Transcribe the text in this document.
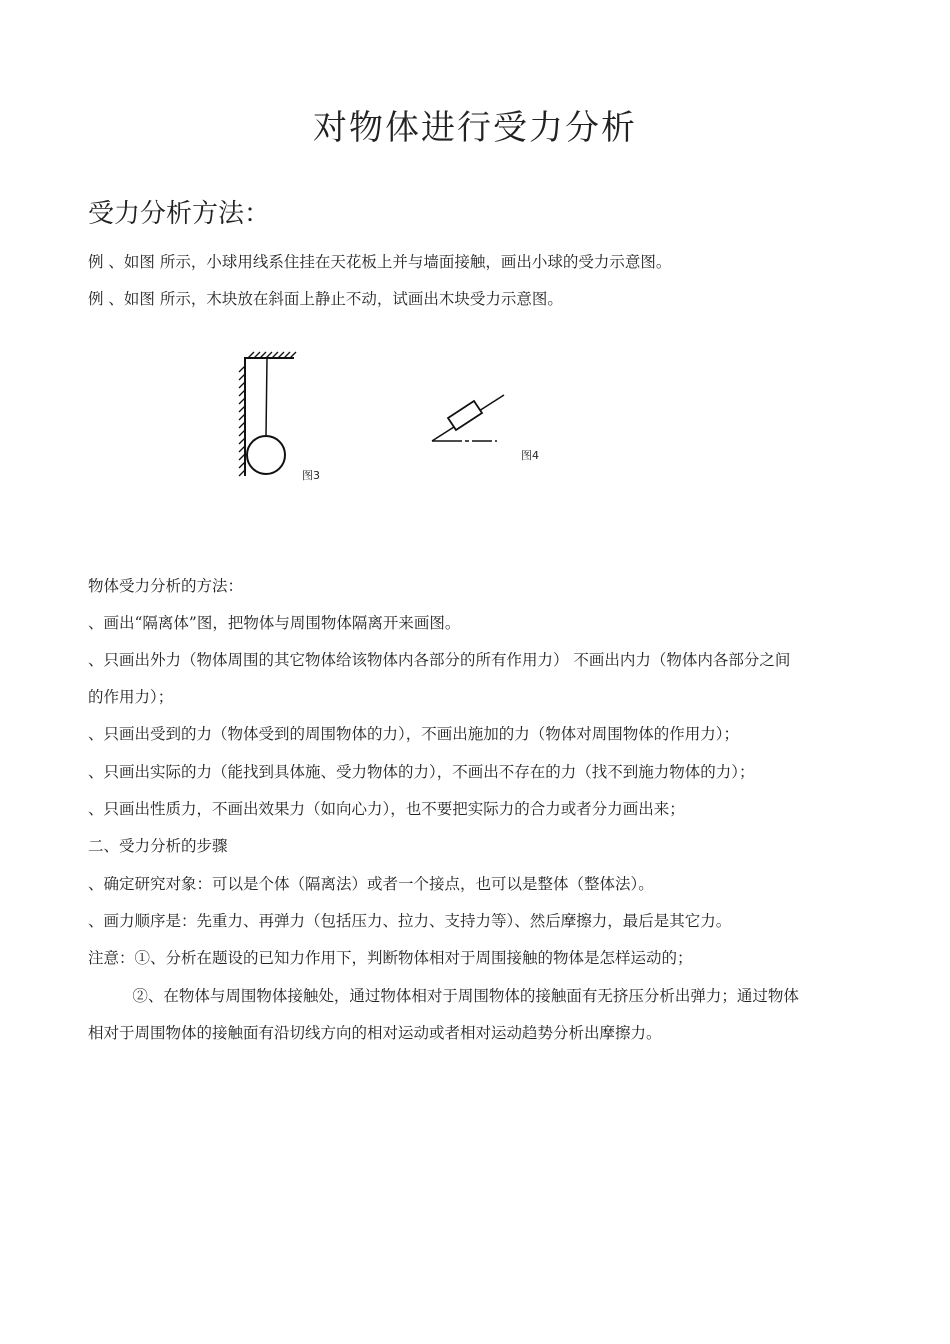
对物体进行受力分析
受力分析方法：
例 、如图 所示，小球用线系住挂在天花板上并与墙面接触，画出小球的受力示意图。
例 、如图 所示，木块放在斜面上静止不动，试画出木块受力示意图。
图3
图4
物体受力分析的方法：
、画出“隔离体”图，把物体与周围物体隔离开来画图。
、只画出外力（物体周围的其它物体给该物体内各部分的所有作用力） 不画出内力（物体内各部分之间
的作用力）；
、只画出受到的力（物体受到的周围物体的力），不画出施加的力（物体对周围物体的作用力）；
、只画出实际的力（能找到具体施、受力物体的力），不画出不存在的力（找不到施力物体的力）；
、只画出性质力，不画出效果力（如向心力），也不要把实际力的合力或者分力画出来；
二、受力分析的步骤
、确定研究对象：可以是个体（隔离法）或者一个接点，也可以是整体（整体法）。
、画力顺序是：先重力、再弹力（包括压力、拉力、支持力等）、然后摩擦力，最后是其它力。
注意：①、分析在题设的已知力作用下，判断物体相对于周围接触的物体是怎样运动的；
②、在物体与周围物体接触处，通过物体相对于周围物体的接触面有无挤压分析出弹力；通过物体
相对于周围物体的接触面有沿切线方向的相对运动或者相对运动趋势分析出摩擦力。
